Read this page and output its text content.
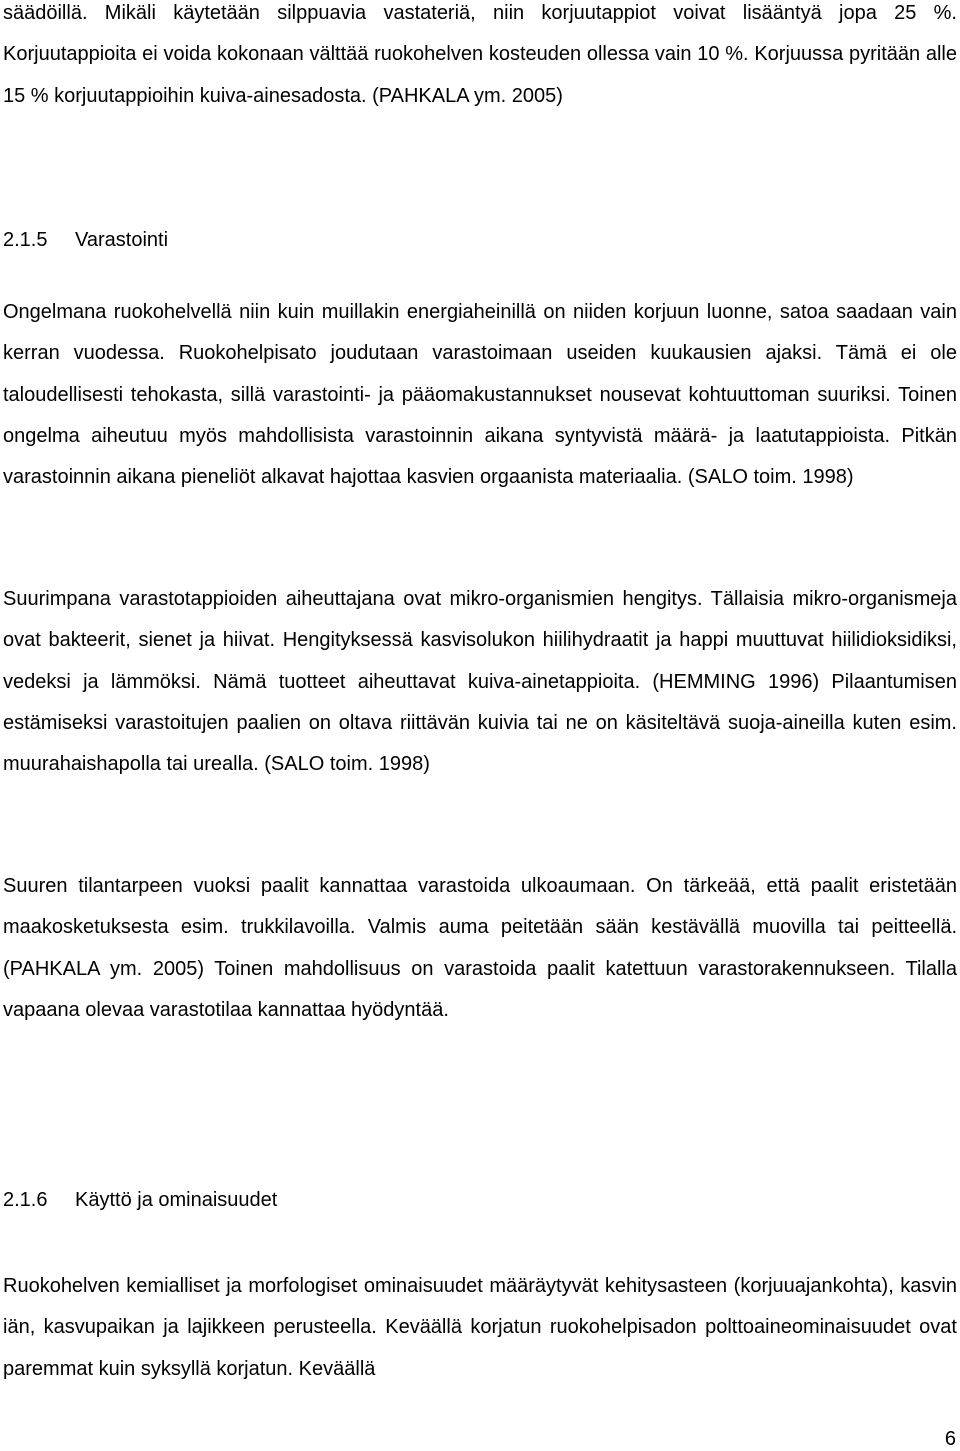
säädöillä. Mikäli käytetään silppuavia vastateriä, niin korjuutappiot voivat lisääntyä jopa 25 %. Korjuutappioita ei voida kokonaan välttää ruokohelven kosteuden ollessa vain 10 %. Korjuussa pyritään alle 15 % korjuutappioihin kuiva-ainesadosta. (PAHKALA ym. 2005)

2.1.5 Varastointi

Ongelmana ruokohelvellä niin kuin muillakin energiaheinillä on niiden korjuun luonne, satoa saadaan vain kerran vuodessa. Ruokohelpisato joudutaan varastoimaan useiden kuukausien ajaksi. Tämä ei ole taloudellisesti tehokasta, sillä varastointi- ja pääomakustannukset nousevat kohtuuttoman suuriksi. Toinen ongelma aiheutuu myös mahdollisista varastoinnin aikana syntyvistä määrä- ja laatutappioista. Pitkän varastoinnin aikana pieneliöt alkavat hajottaa kasvien orgaanista materiaalia. (SALO toim. 1998)

Suurimpana varastotappioiden aiheuttajana ovat mikro-organismien hengitys. Tällaisia mikro-organismeja ovat bakteerit, sienet ja hiivat. Hengityksessä kasvisolukon hiilihydraatit ja happi muuttuvat hiilidioksidiksi, vedeksi ja lämmöksi. Nämä tuotteet aiheuttavat kuiva-ainetappioita. (HEMMING 1996) Pilaantumisen estämiseksi varastoitujen paalien on oltava riittävän kuivia tai ne on käsiteltävä suoja-aineilla kuten esim. muurahaishapolla tai urealla. (SALO toim. 1998)

Suuren tilantarpeen vuoksi paalit kannattaa varastoida ulkoaumaan. On tärkeää, että paalit eristetään maakosketuksesta esim. trukkilavoilla. Valmis auma peitetään sään kestävällä muovilla tai peitteellä. (PAHKALA ym. 2005) Toinen mahdollisuus on varastoida paalit katettuun varastorakennukseen. Tilalla vapaana olevaa varastotilaa kannattaa hyödyntää.

2.1.6 Käyttö ja ominaisuudet

Ruokohelven kemialliset ja morfologiset ominaisuudet määräytyvät kehitysasteen (korjuuajankohta), kasvin iän, kasvupaikan ja lajikkeen perusteella. Keväällä korjatun ruokohelpisadon polttoaineominaisuudet ovat paremmat kuin syksyllä korjatun. Keväällä

6
